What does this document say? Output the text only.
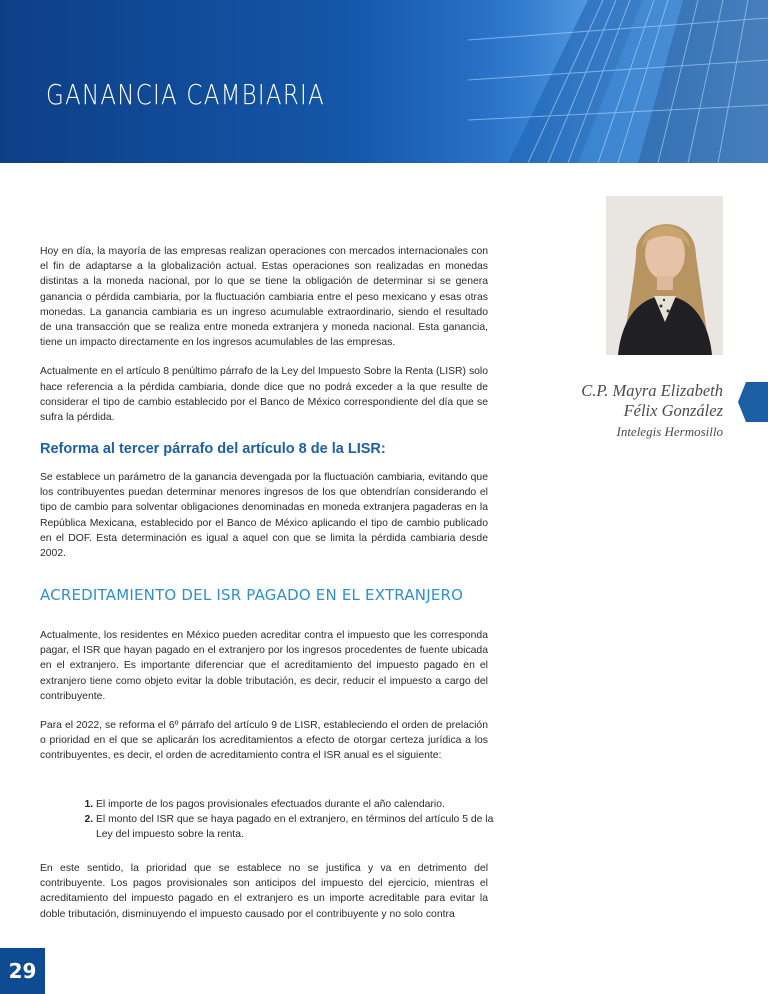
GANANCIA CAMBIARIA

Hoy en día, la mayoría de las empresas realizan operaciones con mercados internacionales con el fin de adaptarse a la globalización actual. Estas operaciones son realizadas en monedas distintas a la moneda nacional, por lo que se tiene la obligación de determinar si se genera ganancia o pérdida cambiaria, por la fluctuación cambiaria entre el peso mexicano y esas otras monedas. La ganancia cambiaria es un ingreso acumulable extraordinario, siendo el resultado de una transacción que se realiza entre moneda extranjera y moneda nacional. Esta ganancia, tiene un impacto directamente en los ingresos acumulables de las empresas.

Actualmente en el artículo 8 penúltimo párrafo de la Ley del Impuesto Sobre la Renta (LISR) solo hace referencia a la pérdida cambiaria, donde dice que no podrá exceder a la que resulte de considerar el tipo de cambio establecido por el Banco de México correspondiente del día que se sufra la pérdida.

Reforma al tercer párrafo del artículo 8 de la LISR:

Se establece un parámetro de la ganancia devengada por la fluctuación cambiaria, evitando que los contribuyentes puedan determinar menores ingresos de los que obtendrían considerando el tipo de cambio para solventar obligaciones denominadas en moneda extranjera pagaderas en la República Mexicana, establecido por el Banco de México aplicando el tipo de cambio publicado en el DOF. Esta determinación es igual a aquel con que se limita la pérdida cambiaria desde 2002.

ACREDITAMIENTO DEL ISR PAGADO EN EL EXTRANJERO

Actualmente, los residentes en México pueden acreditar contra el impuesto que les corresponda pagar, el ISR que hayan pagado en el extranjero por los ingresos procedentes de fuente ubicada en el extranjero. Es importante diferenciar que el acreditamiento del impuesto pagado en el extranjero tiene como objeto evitar la doble tributación, es decir, reducir el impuesto a cargo del contribuyente.

Para el 2022, se reforma el 6º párrafo del artículo 9 de LISR, estableciendo el orden de prelación o prioridad en el que se aplicarán los acreditamientos a efecto de otorgar certeza jurídica a los contribuyentes, es decir, el orden de acreditamiento contra el ISR anual es el siguiente:

1. El importe de los pagos provisionales efectuados durante el año calendario.
2. El monto del ISR que se haya pagado en el extranjero, en términos del artículo 5 de la Ley del impuesto sobre la renta.

En este sentido, la prioridad que se establece no se justifica y va en detrimento del contribuyente. Los pagos provisionales son anticipos del impuesto del ejercicio, mientras el acreditamiento del impuesto pagado en el extranjero es un importe acreditable para evitar la doble tributación, disminuyendo el impuesto causado por el contribuyente y no solo contra

C.P. Mayra Elizabeth
Félix González
Intelegis Hermosillo
29
